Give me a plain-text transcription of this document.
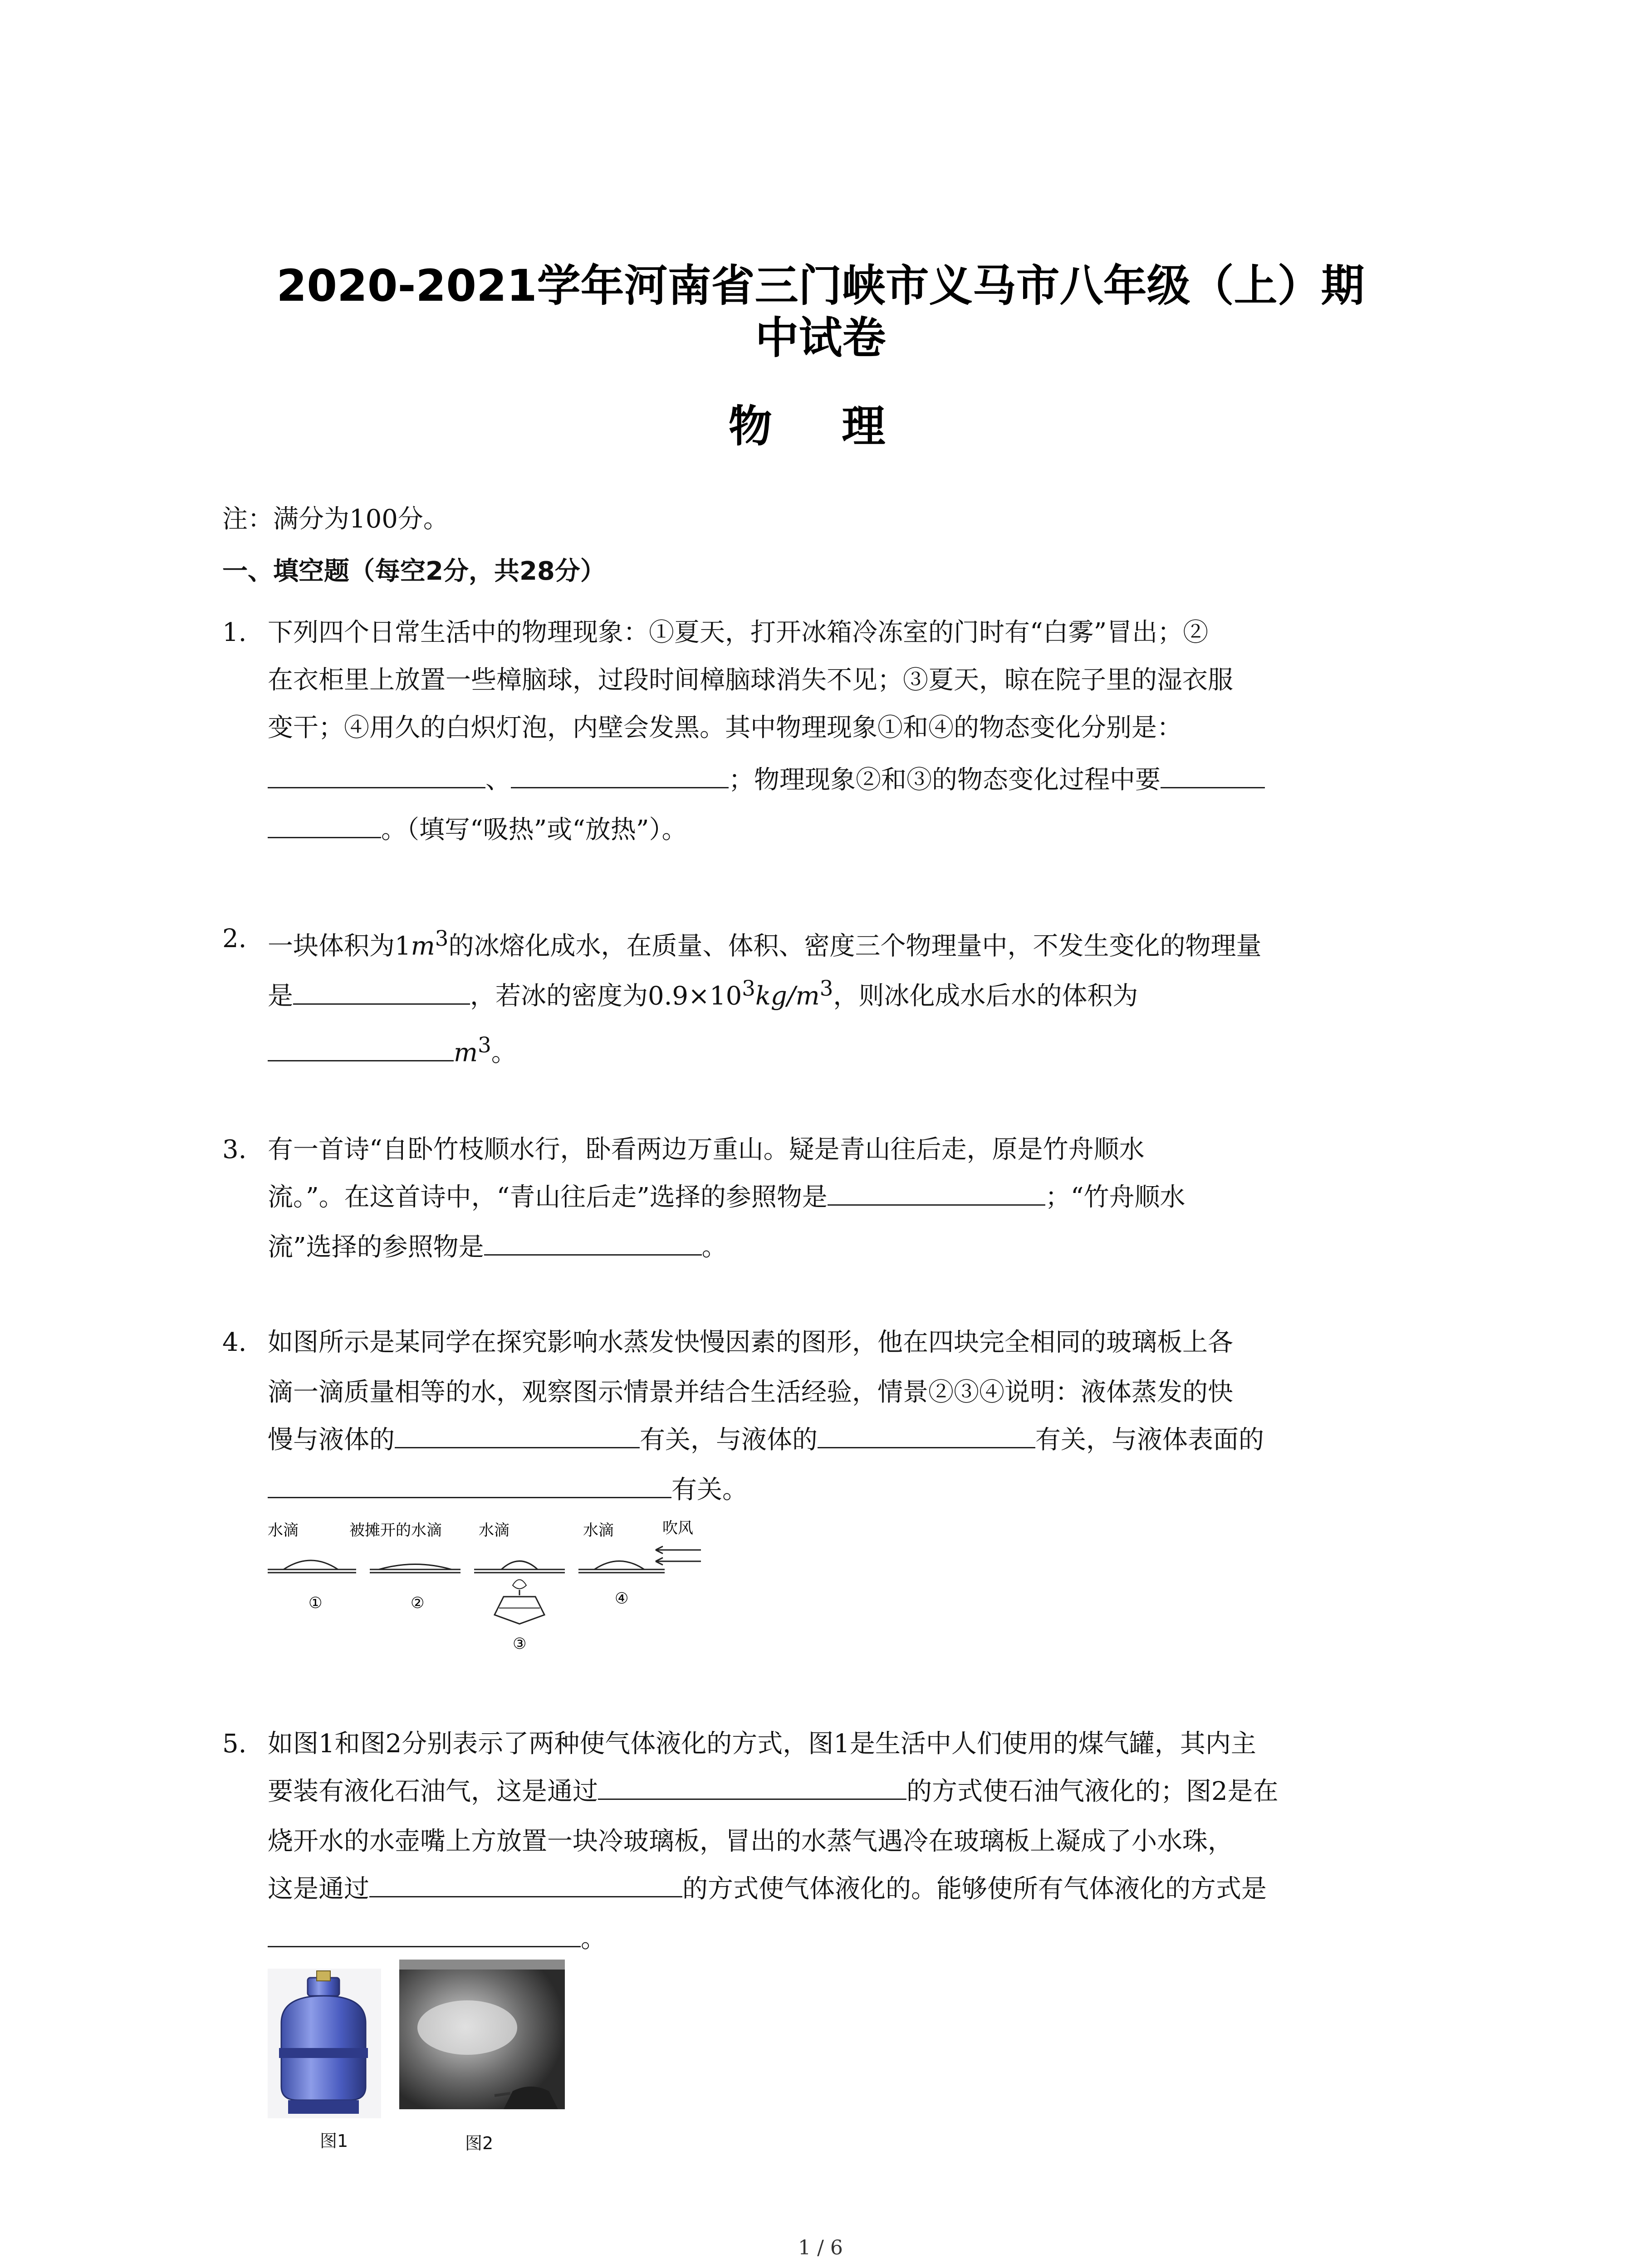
2020-2021学年河南省三门峡市义马市八年级（上）期
中试卷
物 理
注：满分为100分。
一、填空题（每空2分，共28分）
1. 下列四个日常生活中的物理现象：①夏天，打开冰箱冷冻室的门时有“白雾”冒出；②
在衣柜里上放置一些樟脑球，过段时间樟脑球消失不见；③夏天，晾在院子里的湿衣服
变干；④用久的白炽灯泡，内壁会发黑。其中物理现象①和④的物态变化分别是：
、	；物理现象②和③的物态变化过程中要
。（填写“吸热”或“放热”）。
2. 一块体积为$1m^3$的冰熔化成水，在质量、体积、密度三个物理量中，不发生变化的物理量
是	，若冰的密度为$0.9\times 10^3kg/m^3$，则冰化成水后水的体积为
$m^3$。
3. 有一首诗“自卧竹枝顺水行，卧看两边万重山。疑是青山往后走，原是竹舟顺水
流。”。在这首诗中，“青山往后走”选择的参照物是	；“竹舟顺水
流”选择的参照物是	。
4. 如图所示是某同学在探究影响水蒸发快慢因素的图形，他在四块完全相同的玻璃板上各
滴一滴质量相等的水，观察图示情景并结合生活经验，情景②③④说明：液体蒸发的快
慢与液体的	有关，与液体的	有关，与液体表面的
有关。
水滴	被摊开的水滴 水滴	水滴	吹风
①	②
③
④
5. 如图1和图2分别表示了两种使气体液化的方式，图1是生活中人们使用的煤气罐，其内主
要装有液化石油气，这是通过	的方式使石油气液化的；图2是在
烧开水的水壶嘴上方放置一块冷玻璃板，冒出的水蒸气遇冷在玻璃板上凝成了小水珠，
这是通过	的方式使气体液化的。能够使所有气体液化的方式是
。
图1	图2
1 / 6
